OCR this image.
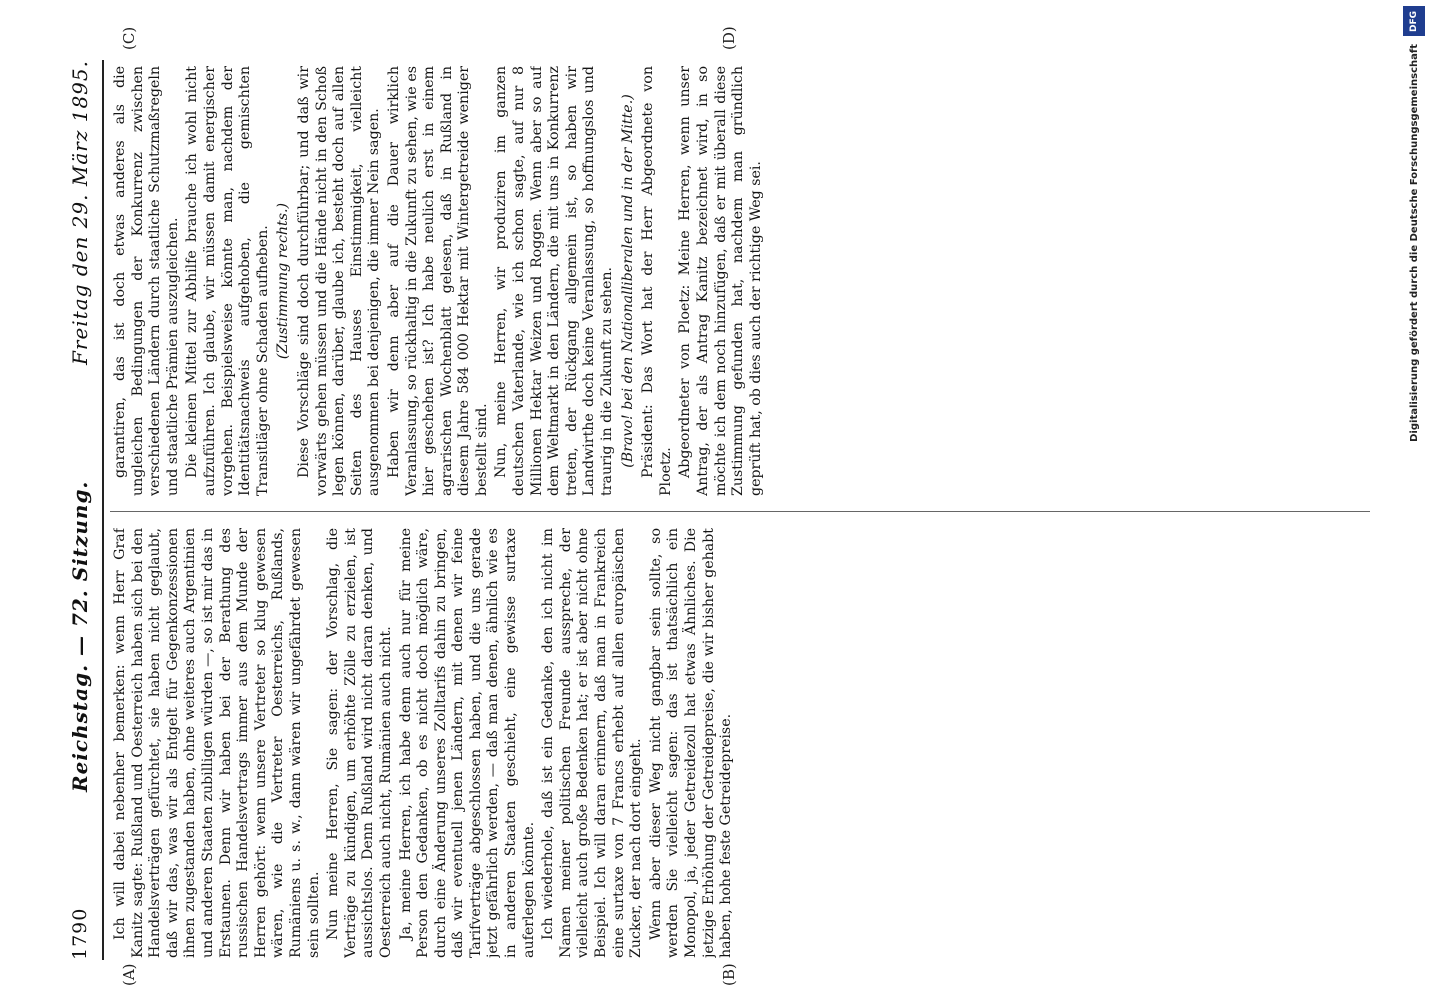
1790
Reichstag. — 72. Sitzung.
Freitag den 29. März 1895.
(A)	(B)
(C)	(D)

Ich will dabei nebenher bemerken: wenn Herr Graf Kanitz sagte: Rußland und Oesterreich haben sich bei den Handelsverträgen gefürchtet, sie haben nicht geglaubt, daß wir das, was wir als Entgelt für Gegenkonzessionen ihnen zugestanden haben, ohne weiteres auch Argentinien und anderen Staaten zubilligen würden —, so ist mir das in Erstaunen. Denn wir haben bei der Berathung des russischen Handelsvertrags immer aus dem Munde der Herren gehört: wenn unsere Vertreter so klug gewesen wären, wie die Vertreter Oesterreichs, Rußlands, Rumäniens u. s. w., dann wären wir ungefährdet gewesen sein sollten. Nun meine Herren, Sie sagen: der Vorschlag, die Verträge zu kündigen, um erhöhte Zölle zu erzielen, ist aussichtslos. Denn Rußland wird nicht daran denken, und Oesterreich auch nicht, Rumänien auch nicht. Ja, meine Herren, ich habe denn auch nur für meine Person den Gedanken, ob es nicht doch möglich wäre, durch eine Änderung unseres Zolltarifs dahin zu bringen, daß wir eventuell jenen Ländern, mit denen wir feine Tarifverträge abgeschlossen haben, und die uns gerade jetzt gefährlich werden, — daß man denen, ähnlich wie es in anderen Staaten geschieht, eine gewisse surtaxe auferlegen könnte. Ich wiederhole, daß ist ein Gedanke, den ich nicht im Namen meiner politischen Freunde ausspreche, der vielleicht auch große Bedenken hat; er ist aber nicht ohne Beispiel. Ich will daran erinnern, daß man in Frankreich eine surtaxe von 7 Francs erhebt auf allen europäischen Zucker, der nach dort eingeht. Wenn aber dieser Weg nicht gangbar sein sollte, so werden Sie vielleicht sagen: das ist thatsächlich ein Monopol, ja, jeder Getreidezoll hat etwas Ähnliches. Die jetzige Erhöhung der Getreidepreise, die wir bisher gehabt haben, hohe feste Getreidepreise.

garantiren, das ist doch etwas anderes als die ungleichen Bedingungen der Konkurrenz zwischen verschiedenen Ländern durch staatliche Schutzmaßregeln und staatliche Prämien auszugleichen. Die kleinen Mittel zur Abhilfe brauche ich wohl nicht aufzuführen. Ich glaube, wir müssen damit energischer vorgehen. Beispielsweise könnte man, nachdem der Identitätsnachweis aufgehoben, die gemischten Transitläger ohne Schaden aufheben. (Zustimmung rechts.) Diese Vorschläge sind doch durchführbar; und daß wir vorwärts gehen müssen und die Hände nicht in den Schoß legen können, darüber, glaube ich, besteht doch auf allen Seiten des Hauses Einstimmigkeit, vielleicht ausgenommen bei denjenigen, die immer Nein sagen. Haben wir denn aber auf die Dauer wirklich Veranlassung, so rückhaltig in die Zukunft zu sehen, wie es hier geschehen ist? Ich habe neulich erst in einem agrarischen Wochenblatt gelesen, daß in Rußland in diesem Jahre 584 000 Hektar mit Wintergetreide weniger bestellt sind. Nun, meine Herren, wir produziren im ganzen deutschen Vaterlande, wie ich schon sagte, auf nur 8 Millionen Hektar Weizen und Roggen. Wenn aber so auf dem Weltmarkt in den Ländern, die mit uns in Konkurrenz treten, der Rückgang allgemein ist, so haben wir Landwirthe doch keine Veranlassung, so hoffnungslos und traurig in die Zukunft zu sehen. (Bravo! bei den Nationalliberalen und in der Mitte.) Präsident: Das Wort hat der Herr Abgeordnete von Ploetz. Abgeordneter von Ploetz: Meine Herren, wenn unser Antrag, der als Antrag Kanitz bezeichnet wird, in so möchte ich dem noch hinzufügen, daß er mit überall diese Zustimmung gefunden hat, nachdem man gründlich geprüft hat, ob dies auch der richtige Weg sei.

DFG
Digitalisierung gefördert durch die Deutsche Forschungsgemeinschaft
